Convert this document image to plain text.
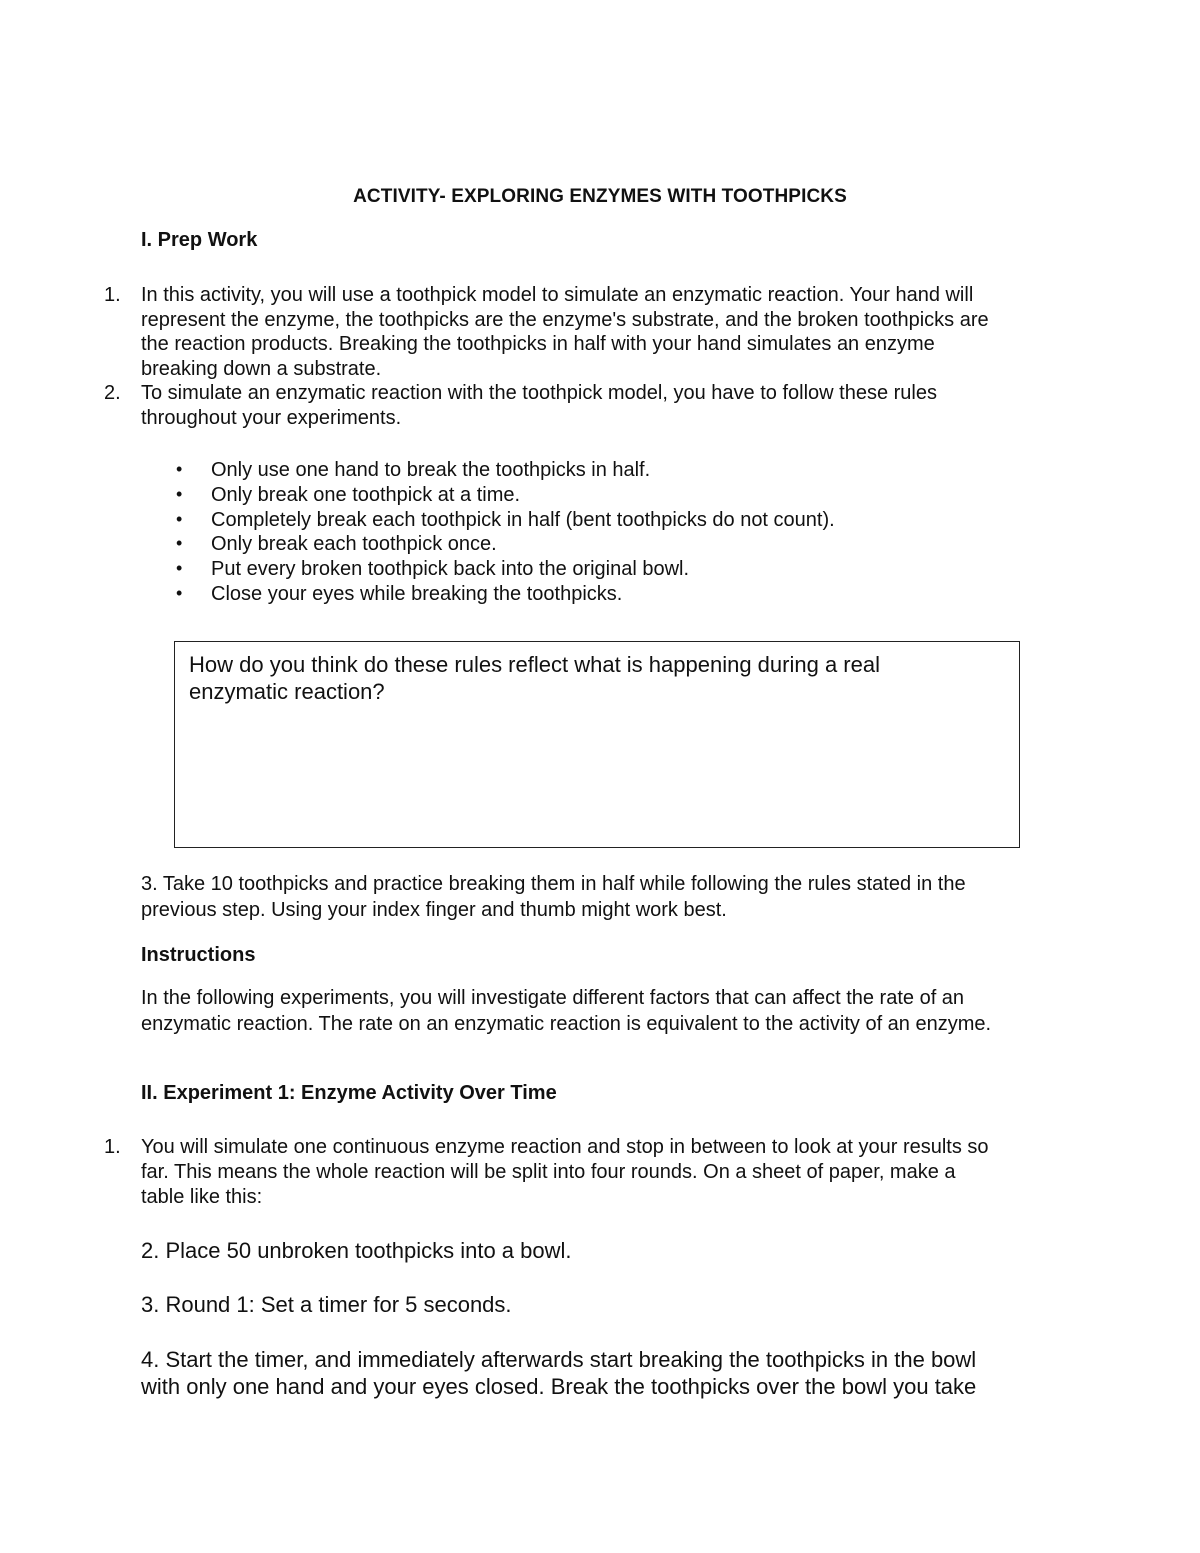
ACTIVITY- EXPLORING ENZYMES WITH TOOTHPICKS
I. Prep Work
1. In this activity, you will use a toothpick model to simulate an enzymatic reaction. Your hand will
represent the enzyme, the toothpicks are the enzyme's substrate, and the broken toothpicks are
the reaction products. Breaking the toothpicks in half with your hand simulates an enzyme
breaking down a substrate.
2. To simulate an enzymatic reaction with the toothpick model, you have to follow these rules
throughout your experiments.
• Only use one hand to break the toothpicks in half.
• Only break one toothpick at a time.
• Completely break each toothpick in half (bent toothpicks do not count).
• Only break each toothpick once.
• Put every broken toothpick back into the original bowl.
• Close your eyes while breaking the toothpicks.
How do you think do these rules reflect what is happening during a real
enzymatic reaction?
3. Take 10 toothpicks and practice breaking them in half while following the rules stated in the
previous step. Using your index finger and thumb might work best.
Instructions
In the following experiments, you will investigate different factors that can affect the rate of an
enzymatic reaction. The rate on an enzymatic reaction is equivalent to the activity of an enzyme.
II. Experiment 1: Enzyme Activity Over Time
1. You will simulate one continuous enzyme reaction and stop in between to look at your results so
far. This means the whole reaction will be split into four rounds. On a sheet of paper, make a
table like this:
2. Place 50 unbroken toothpicks into a bowl.
3. Round 1: Set a timer for 5 seconds.
4. Start the timer, and immediately afterwards start breaking the toothpicks in the bowl
with only one hand and your eyes closed. Break the toothpicks over the bowl you take
